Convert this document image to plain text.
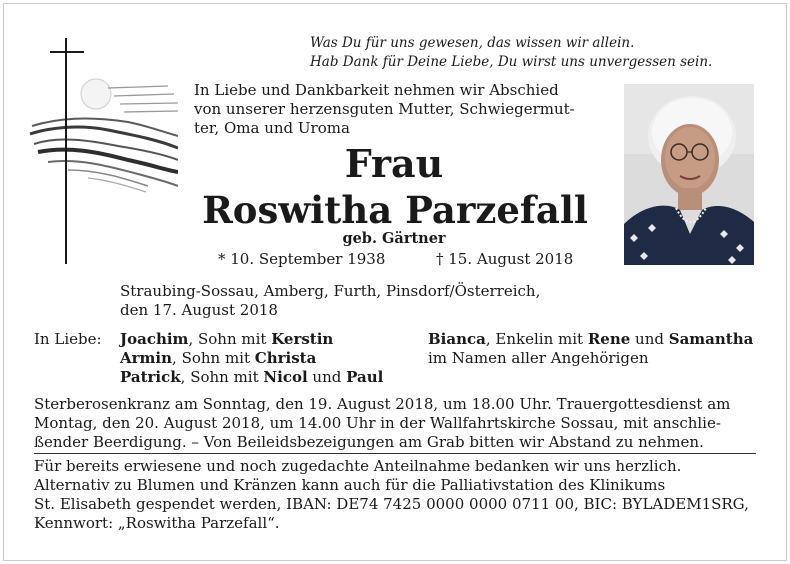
Was Du für uns gewesen, das wissen wir allein.
Hab Dank für Deine Liebe, Du wirst uns unvergessen sein.
In Liebe und Dankbarkeit nehmen wir Abschied
von unserer herzensguten Mutter, Schwiegermut-
ter, Oma und Uroma
Frau
Roswitha Parzefall
geb. Gärtner
* 10. September 1938	† 15. August 2018
Straubing-Sossau, Amberg, Furth, Pinsdorf/Österreich,
den 17. August 2018
In Liebe: Joachim, Sohn mit Kerstin
Armin, Sohn mit Christa
Patrick, Sohn mit Nicol und Paul
Bianca, Enkelin mit Rene und Samantha
im Namen aller Angehörigen
Sterberosenkranz am Sonntag, den 19. August 2018, um 18.00 Uhr. Trauergottesdienst am
Montag, den 20. August 2018, um 14.00 Uhr in der Wallfahrtskirche Sossau, mit anschlie-
ßender Beerdigung. – Von Beileidsbezeigungen am Grab bitten wir Abstand zu nehmen.
Für bereits erwiesene und noch zugedachte Anteilnahme bedanken wir uns herzlich.
Alternativ zu Blumen und Kränzen kann auch für die Palliativstation des Klinikums
St. Elisabeth gespendet werden, IBAN: DE74 7425 0000 0000 0711 00, BIC: BYLADEM1SRG,
Kennwort: „Roswitha Parzefall“.
